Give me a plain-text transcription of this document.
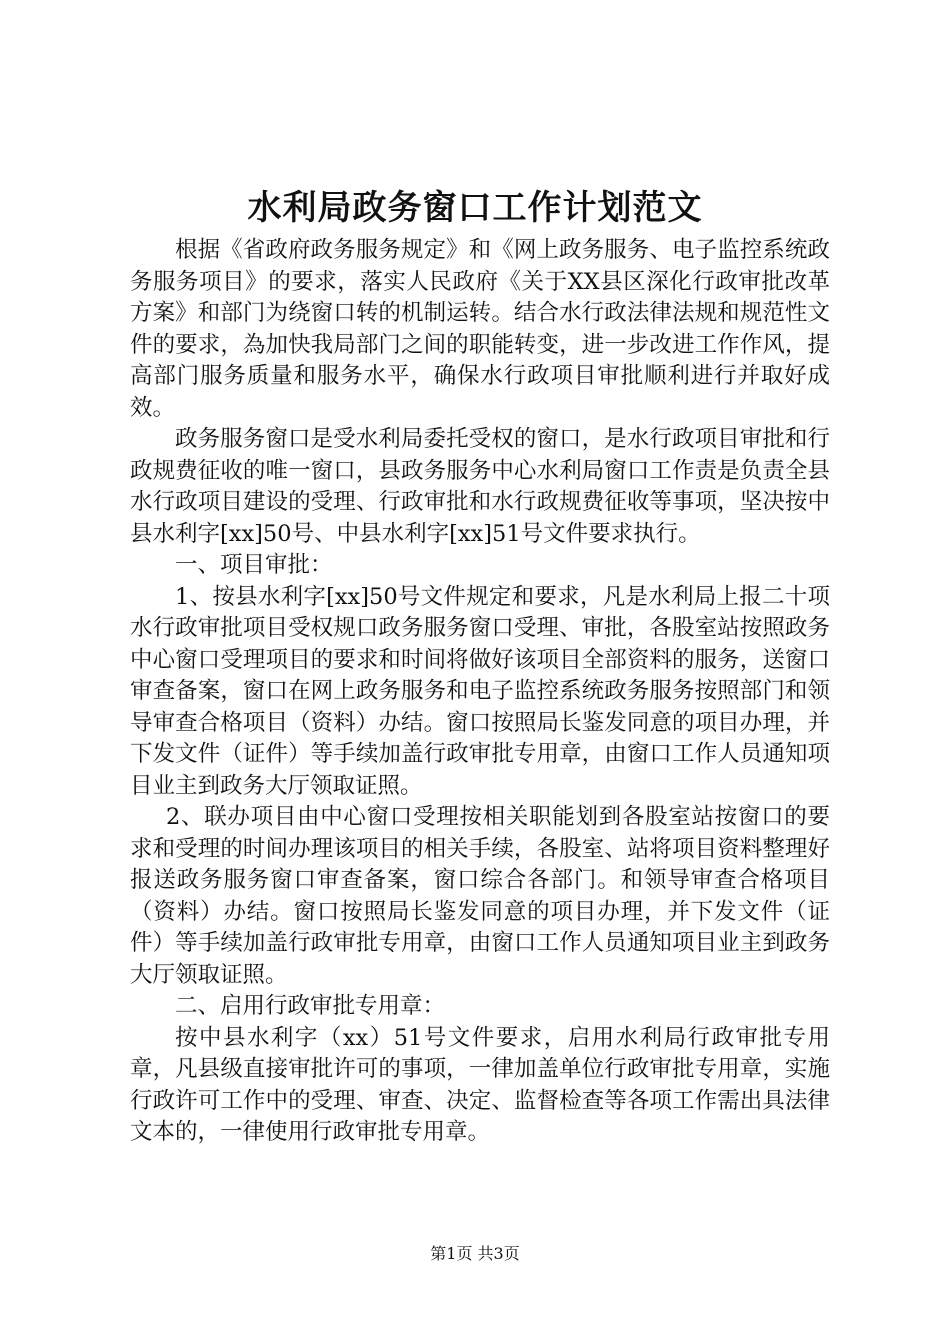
水利局政务窗口工作计划范文

根据《省政府政务服务规定》和《网上政务服务、电子监控系统政务服务项目》的要求，落实人民政府《关于XX县区深化行政审批改革方案》和部门为绕窗口转的机制运转。结合水行政法律法规和规范性文件的要求，為加快我局部门之间的职能转变，进一步改进工作作风，提高部门服务质量和服务水平，确保水行政项目审批顺利进行并取好成效。

政务服务窗口是受水利局委托受权的窗口，是水行政项目审批和行政规费征收的唯一窗口，县政务服务中心水利局窗口工作责是负责全县水行政项目建设的受理、行政审批和水行政规费征收等事项，坚决按中县水利字[xx]50号、中县水利字[xx]51号文件要求执行。

一、项目审批：

1、按县水利字[xx]50号文件规定和要求，凡是水利局上报二十项水行政审批项目受权规口政务服务窗口受理、审批，各股室站按照政务中心窗口受理项目的要求和时间将做好该项目全部资料的服务，送窗口审查备案，窗口在网上政务服务和电子监控系统政务服务按照部门和领导审查合格项目（资料）办结。窗口按照局长鉴发同意的项目办理，并下发文件（证件）等手续加盖行政审批专用章，由窗口工作人员通知项目业主到政务大厅领取证照。

2、联办项目由中心窗口受理按相关职能划到各股室站按窗口的要求和受理的时间办理该项目的相关手续，各股室、站将项目资料整理好报送政务服务窗口审查备案，窗口综合各部门。和领导审查合格项目（资料）办结。窗口按照局长鉴发同意的项目办理，并下发文件（证件）等手续加盖行政审批专用章，由窗口工作人员通知项目业主到政务大厅领取证照。

二、启用行政审批专用章：

按中县水利字（xx）51号文件要求，启用水利局行政审批专用章，凡县级直接审批许可的事项，一律加盖单位行政审批专用章，实施行政许可工作中的受理、审查、决定、监督检查等各项工作需出具法律文本的，一律使用行政审批专用章。

第1页 共3页
